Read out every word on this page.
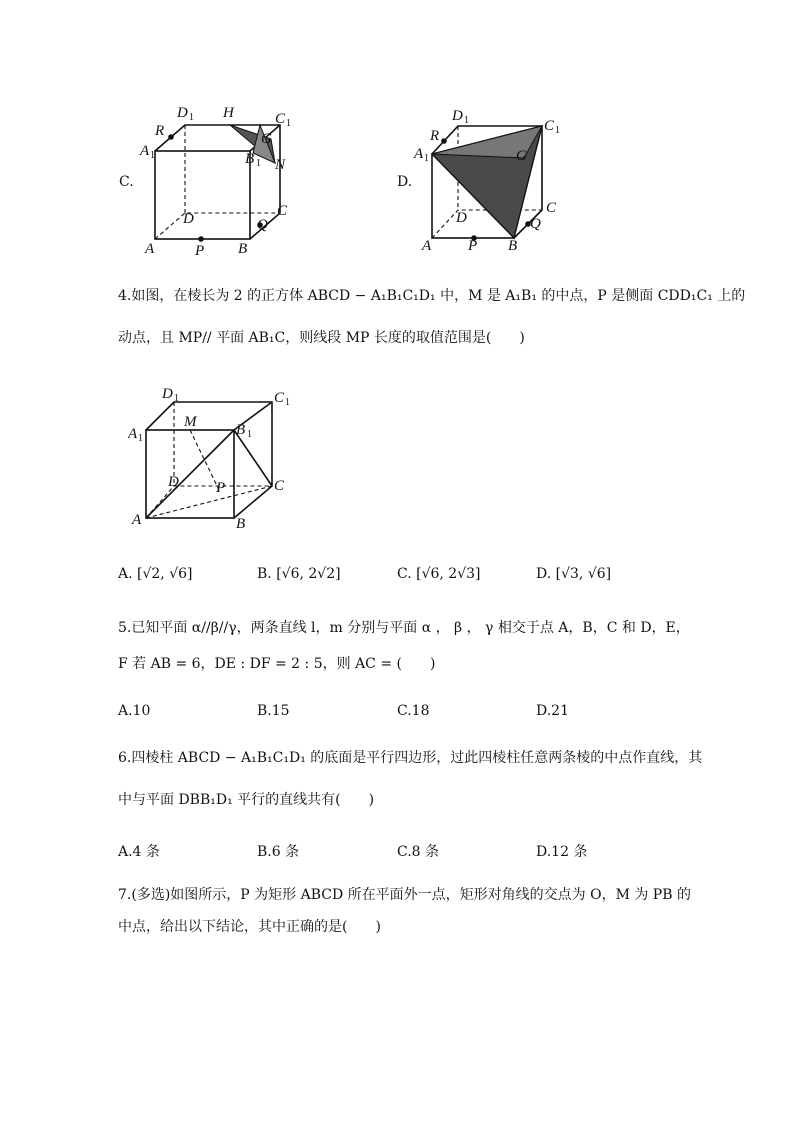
C.
D 1 H	C 1
R	G
A 1	B 1 N
C
D	Q
A	P B
D.
D 1	C 1
R
A 1	G
C
D	Q
A P B
4.如图，在棱长为 2 的正方体 ABCD − A₁B₁C₁D₁ 中，M 是 A₁B₁ 的中点，P 是侧面 CDD₁C₁ 上的
动点，且 MP// 平面 AB₁C，则线段 MP 长度的取值范围是(　　)
D 1	C 1
A 1
M	B 1
D P	C
A	B
A. [√2, √6]	B. [√6, 2√2]	C. [√6, 2√3]	D. [√3, √6]
5.已知平面 α//β//γ，两条直线 l，m 分别与平面 α ， β ， γ 相交于点 A，B，C 和 D，E，
F 若 AB = 6，DE : DF = 2 : 5，则 AC = (　　)
A.10	B.15	C.18	D.21
6.四棱柱 ABCD − A₁B₁C₁D₁ 的底面是平行四边形，过此四棱柱任意两条棱的中点作直线，其
中与平面 DBB₁D₁ 平行的直线共有(　　)
A.4 条	B.6 条	C.8 条	D.12 条
7.(多选)如图所示，P 为矩形 ABCD 所在平面外一点，矩形对角线的交点为 O，M 为 PB 的
中点，给出以下结论，其中正确的是(　　)
